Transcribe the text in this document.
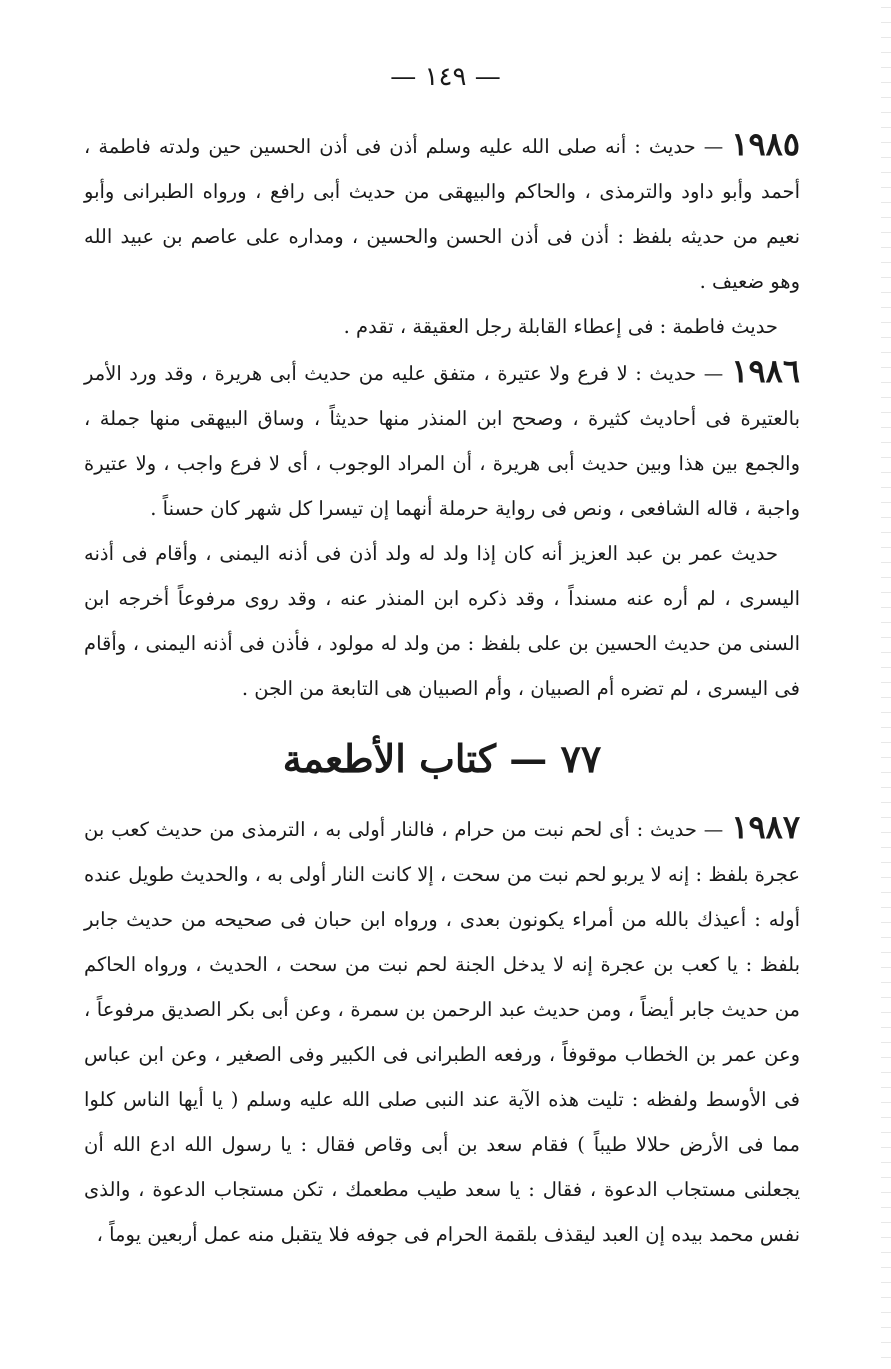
— ١٤٩ —

١٩٨٥— حديث : أنه صلى الله عليه وسلم أذن فى أذن الحسين حين ولدته فاطمة ، أحمد وأبو داود والترمذى ، والحاكم والبيهقى من حديث أبى رافع ، ورواه الطبرانى وأبو نعيم من حديثه بلفظ : أذن فى أذن الحسن والحسين ، ومداره على عاصم بن عبيد الله وهو ضعيف .

حديث فاطمة : فى إعطاء القابلة رجل العقيقة ، تقدم .

١٩٨٦— حديث : لا فرع ولا عتيرة ، متفق عليه من حديث أبى هريرة ، وقد ورد الأمر بالعتيرة فى أحاديث كثيرة ، وصحح ابن المنذر منها حديثاً ، وساق البيهقى منها جملة ، والجمع بين هذا وبين حديث أبى هريرة ، أن المراد الوجوب ، أى لا فرع واجب ، ولا عتيرة واجبة ، قاله الشافعى ، ونص فى رواية حرملة أنهما إن تيسرا كل شهر كان حسناً .

حديث عمر بن عبد العزيز أنه كان إذا ولد له ولد أذن فى أذنه اليمنى ، وأقام فى أذنه اليسرى ، لم أره عنه مسنداً ، وقد ذكره ابن المنذر عنه ، وقد روى مرفوعاً أخرجه ابن السنى من حديث الحسين بن على بلفظ : من ولد له مولود ، فأذن فى أذنه اليمنى ، وأقام فى اليسرى ، لم تضره أم الصبيان ، وأم الصبيان هى التابعة من الجن .

٧٧ — كتاب الأطعمة

١٩٨٧— حديث : أى لحم نبت من حرام ، فالنار أولى به ، الترمذى من حديث كعب بن عجرة بلفظ : إنه لا يربو لحم نبت من سحت ، إلا كانت النار أولى به ، والحديث طويل عنده أوله : أعيذك بالله من أمراء يكونون بعدى ، ورواه ابن حبان فى صحيحه من حديث جابر بلفظ : يا كعب بن عجرة إنه لا يدخل الجنة لحم نبت من سحت ، الحديث ، ورواه الحاكم من حديث جابر أيضاً ، ومن حديث عبد الرحمن بن سمرة ، وعن أبى بكر الصديق مرفوعاً ، وعن عمر بن الخطاب موقوفاً ، ورفعه الطبرانى فى الكبير وفى الصغير ، وعن ابن عباس فى الأوسط ولفظه : تليت هذه الآية عند النبى صلى الله عليه وسلم ( يا أيها الناس كلوا مما فى الأرض حلالا طيباً ) فقام سعد بن أبى وقاص فقال : يا رسول الله ادع الله أن يجعلنى مستجاب الدعوة ، فقال : يا سعد طيب مطعمك ، تكن مستجاب الدعوة ، والذى نفس محمد بيده إن العبد ليقذف بلقمة الحرام فى جوفه فلا يتقبل منه عمل أربعين يوماً ،
